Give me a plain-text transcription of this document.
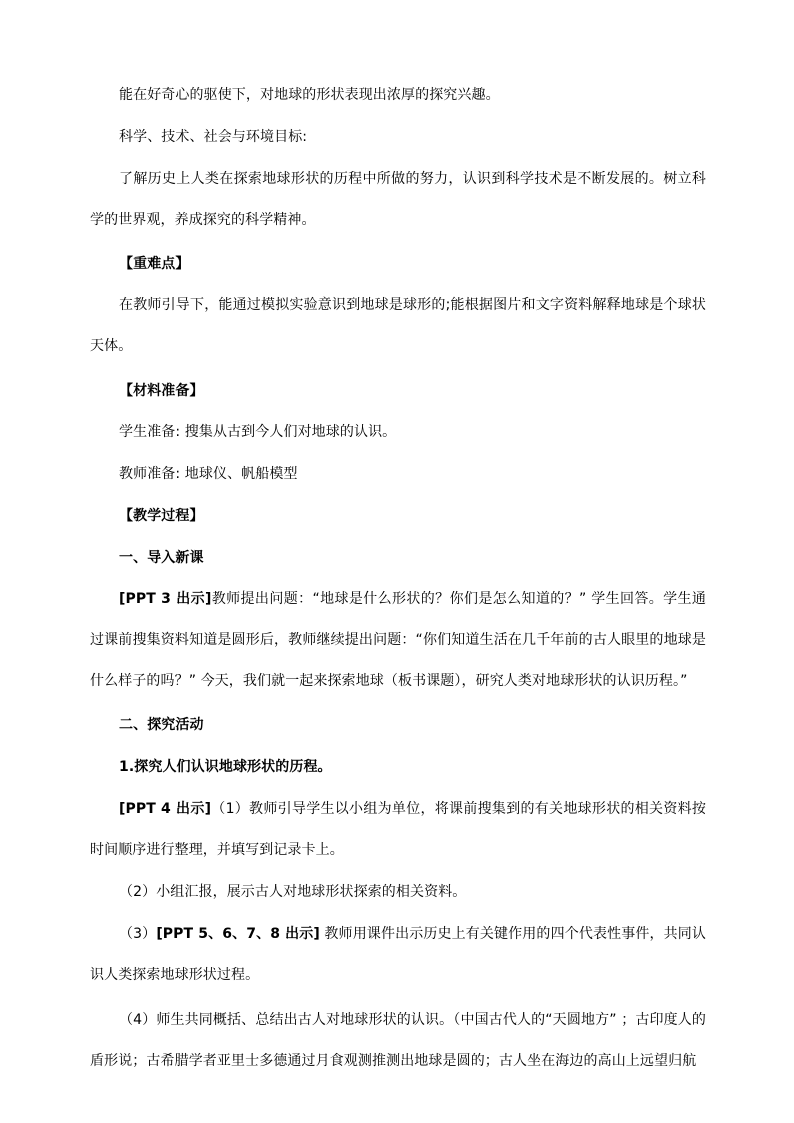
能在好奇心的驱使下，对地球的形状表现出浓厚的探究兴趣。

科学、技术、社会与环境目标:

了解历史上人类在探索地球形状的历程中所做的努力，认识到科学技术是不断发展的。树立科学的世界观，养成探究的科学精神。

【重难点】

在教师引导下，能通过模拟实验意识到地球是球形的;能根据图片和文字资料解释地球是个球状天体。

【材料准备】

学生准备: 搜集从古到今人们对地球的认识。

教师准备: 地球仪、帆船模型

【教学过程】

一、导入新课

[PPT 3 出示]教师提出问题：“地球是什么形状的？你们是怎么知道的？” 学生回答。学生通过课前搜集资料知道是圆形后，教师继续提出问题：“你们知道生活在几千年前的古人眼里的地球是什么样子的吗？” 今天，我们就一起来探索地球（板书课题），研究人类对地球形状的认识历程。”

二、探究活动

1.探究人们认识地球形状的历程。

[PPT 4 出示]（1）教师引导学生以小组为单位，将课前搜集到的有关地球形状的相关资料按时间顺序进行整理，并填写到记录卡上。

（2）小组汇报，展示古人对地球形状探索的相关资料。

（3）[PPT 5、6、7、8 出示] 教师用课件出示历史上有关键作用的四个代表性事件，共同认识人类探索地球形状过程。

（4）师生共同概括、总结出古人对地球形状的认识。（中国古代人的“天圆地方” ；古印度人的盾形说；古希腊学者亚里士多德通过月食观测推测出地球是圆的；古人坐在海边的高山上远望归航
